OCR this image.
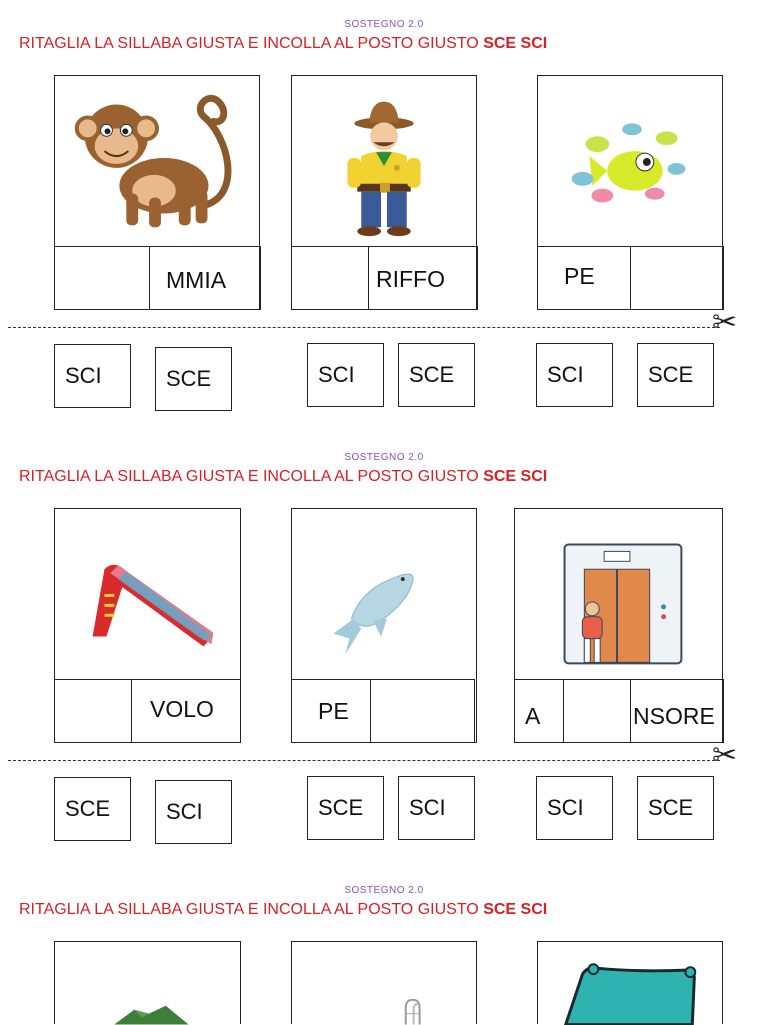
SOSTEGNO 2.0
RITAGLIA LA SILLABA GIUSTA E INCOLLA AL POSTO GIUSTO SCE SCI
MMIA	RIFFO	PE
✂
SCI	SCE	SCI	SCE	SCI	SCE
SOSTEGNO 2.0
RITAGLIA LA SILLABA GIUSTA E INCOLLA AL POSTO GIUSTO SCE SCI
VOLO	PE	A	NSORE
✂
SCE	SCI	SCE	SCI	SCI	SCE
SOSTEGNO 2.0
RITAGLIA LA SILLABA GIUSTA E INCOLLA AL POSTO GIUSTO SCE SCI
